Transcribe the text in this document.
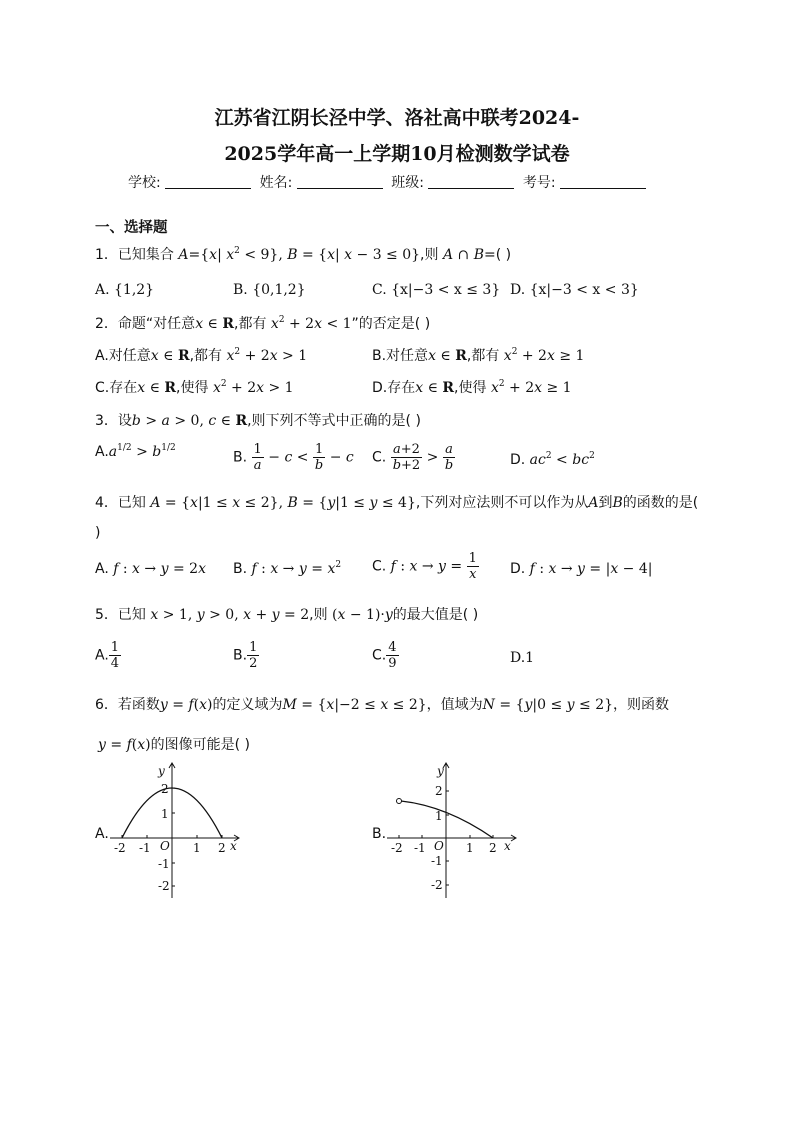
江苏省江阴长泾中学、洛社高中联考2024-
2025学年高一上学期10月检测数学试卷
学校:	姓名:	班级:	考号:
一、选择题
1．已知集合 A={x| $x^2 < 9$}, B = {x| x − 3 ≤ 0},则 A ∩ B=( )
A. {1,2}	B. {0,1,2}	C. {x|−3 < x ≤ 3} D. {x|−3 < x < 3}
2．命题“对任意x ∈ R,都有 $x^2 + 2x < 1$”的否定是( )
A.对任意x ∈ R,都有 $x^2 + 2x > 1$	B.对任意x ∈ R,都有 $x^2 + 2x \ge 1$
C.存在x ∈ R,使得 $x^2 + 2x > 1$	D.存在x ∈ R,使得 $x^2 + 2x \ge 1$
3．设b > a > 0, c ∈ R,则下列不等式中正确的是( )
$A.a^{1/2} > b^{1/2}$
B. $\frac{1}{a} - c < \frac{1}{b} - c$ C. $\frac{a+2}{b+2} > \frac{a}{b}$	D. $ac^2 < bc^2$
4．已知 A = {x|1 ≤ x ≤ 2}, B = {y|1 ≤ y ≤ 4},下列对应法则不可以作为从A到B的函数的是(
)
A. f : x → y = 2x B. f : $x \to y = x^2$ C. f : $x \to y = \frac{1}{x} D$. f : x → y = |x − 4|
5．已知 x > 1, y > 0, x + y = 2,则 (x − 1)·y的最大值是( )
A. $\frac{1}{4}$	B. $\frac{1}{2}$	C. $\frac{4}{9}$	D.1
6．若函数y = f(x)的定义域为M = {x|−2 ≤ x ≤ 2}，值域为N = {y|0 ≤ y ≤ 2}，则函数
y = f(x)的图像可能是( )
A.
-2 -1	1 2
O	x
y
2
1
-1
-2
B.
-2 -1	1 2
O	x
y
2
1
-1
-2
